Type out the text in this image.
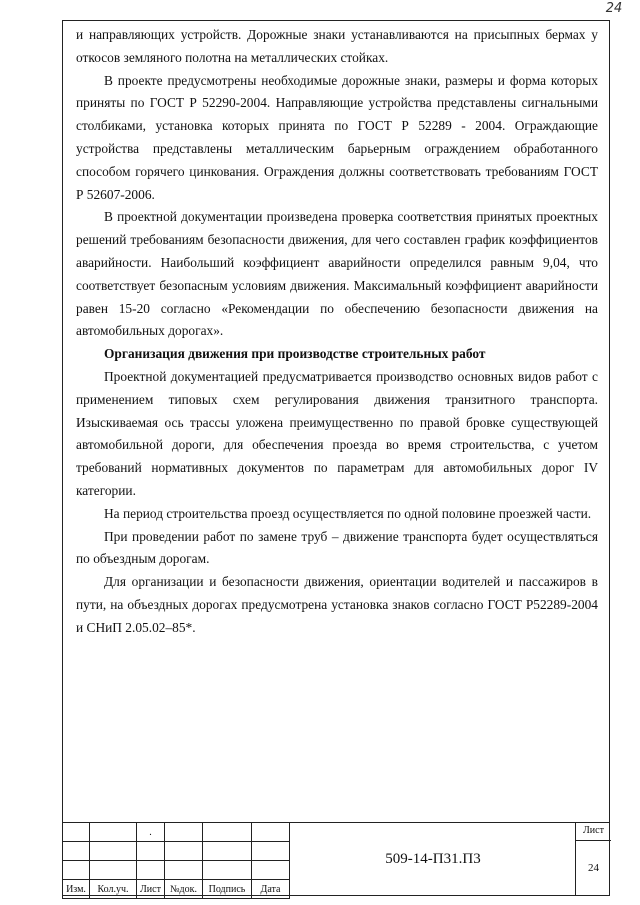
24

и направляющих устройств. Дорожные знаки устанавливаются на присыпных бермах у откосов земляного полотна на металлических стойках.

В проекте предусмотрены необходимые дорожные знаки, размеры и форма которых приняты по ГОСТ Р 52290-2004. Направляющие устройства представлены сигнальными столбиками, установка которых принята по ГОСТ Р 52289 - 2004. Ограждающие устройства представлены металлическим барьерным ограждением обработанного способом горячего цинкования. Ограждения должны соответствовать требованиям ГОСТ Р 52607-2006.

В проектной документации произведена проверка соответствия принятых проектных решений требованиям безопасности движения, для чего составлен график коэффициентов аварийности. Наибольший коэффициент аварийности определился равным 9,04, что соответствует безопасным условиям движения. Максимальный коэффициент аварийности равен 15-20 согласно «Рекомендации по обеспечению безопасности движения на автомобильных дорогах».

Организация движения при производстве строительных работ

Проектной документацией предусматривается производство основных видов работ с применением типовых схем регулирования движения транзитного транспорта. Изыскиваемая ось трассы уложена преимущественно по правой бровке существующей автомобильной дороги, для обеспечения проезда во время строительства, с учетом требований нормативных документов по параметрам для автомобильных дорог IV категории.

На период строительства проезд осуществляется по одной половине проезжей части.

При проведении работ по замене труб – движение транспорта будет осуществляться по объездным дорогам.

Для организации и безопасности движения, ориентации водителей и пассажиров в пути, на объездных дорогах предусмотрена установка знаков согласно ГОСТ Р52289-2004 и СНиП 2.05.02–85*.

		.			

Изм.	Кол.уч.	Лист	№док.	Подпись	Дата
509-14-П31.П3
Лист
24
